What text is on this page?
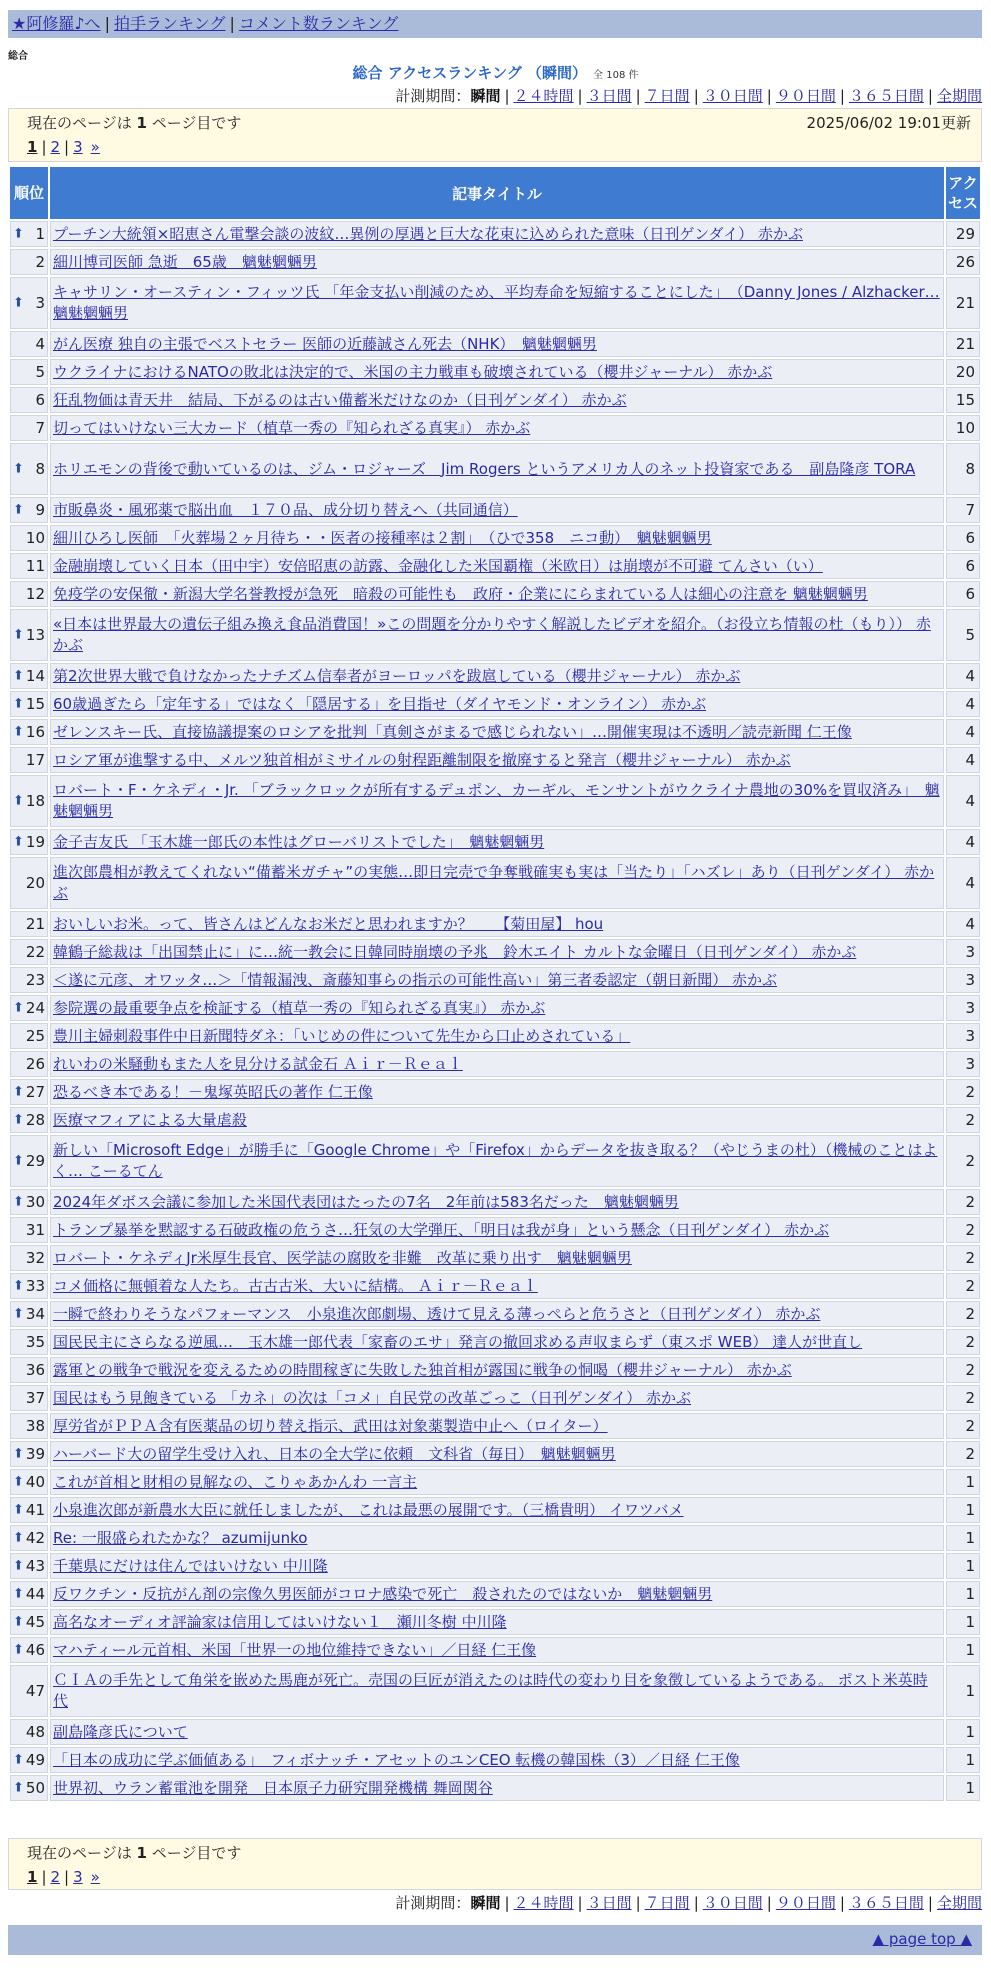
★阿修羅♪へ | 拍手ランキング | コメント数ランキング
総合
総合 アクセスランキング （瞬間） 全 108 件
計測期間：瞬間 | ２４時間 | ３日間 | ７日間 | ３０日間 | ９０日間 | ３６５日間 | 全期間
現在のページは 1 ページ目です	2025/06/02 19:01更新
1 | 2 | 3 »
順位	記事タイトル	アクセス

⬆ 1	プーチン大統領×昭恵さん電撃会談の波紋…異例の厚遇と巨大な花束に込められた意味（日刊ゲンダイ） 赤かぶ	29
2	細川博司医師 急逝　65歳　魑魅魍魎男	26

⬆ 3	キャサリン・オースティン・フィッツ氏 「年金支払い削減のため、平均寿命を短縮することにした」　（Danny Jones / Alzhacker… 魑魅魍魎男	21
4	がん医療 独自の主張でベストセラー 医師の近藤誠さん死去（NHK）　魑魅魍魎男	21
5	ウクライナにおけるNATOの敗北は決定的で、米国の主力戦車も破壊されている（櫻井ジャーナル） 赤かぶ	20
6	狂乱物価は青天井　結局、下がるのは古い備蓄米だけなのか（日刊ゲンダイ） 赤かぶ	15
7	切ってはいけない三大カード（植草一秀の『知られざる真実』） 赤かぶ	10

⬆ 8	ホリエモンの背後で動いているのは、ジム・ロジャーズ　Jim Rogers というアメリカ人のネット投資家である　副島隆彦 TORA	8

⬆ 9	市販鼻炎・風邪薬で脳出血　１７０品、成分切り替えへ（共同通信）	7
10	細川ひろし医師　「火葬場２ヶ月待ち・・医者の接種率は２割」　（ひで358　ニコ動）　魑魅魍魎男	6
11	金融崩壊していく日本（田中宇）安倍昭恵の訪露、金融化した米国覇権（米欧日）は崩壊が不可避 てんさい（い）	6
12	免疫学の安保徹・新潟大学名誉教授が急死　暗殺の可能性も　政府・企業ににらまれている人は細心の注意を 魑魅魍魎男	6

⬆ 13	«日本は世界最大の遺伝子組み換え食品消費国！»この問題を分かりやすく解説したビデオを紹介。（お役立ち情報の杜（もり）） 赤かぶ	5

⬆ 14	第2次世界大戦で負けなかったナチズム信奉者がヨーロッパを跋扈している（櫻井ジャーナル） 赤かぶ	4

⬆ 15	60歳過ぎたら「定年する」ではなく「隠居する」を目指せ（ダイヤモンド・オンライン） 赤かぶ	4

⬆ 16	ゼレンスキー氏、直接協議提案のロシアを批判「真剣さがまるで感じられない」…開催実現は不透明／読売新聞 仁王像	4
17	ロシア軍が進撃する中、メルツ独首相がミサイルの射程距離制限を撤廃すると発言（櫻井ジャーナル） 赤かぶ	4

⬆ 18	ロバート・F・ケネディ・Jr. 「ブラックロックが所有するデュポン、カーギル、モンサントがウクライナ農地の30%を買収済み」　魑魅魍魎男	4

⬆ 19	金子吉友氏 「玉木雄一郎氏の本性はグローバリストでした」　魑魅魍魎男	4
20	進次郎農相が教えてくれない“備蓄米ガチャ”の実態…即日完売で争奪戦確実も実は「当たり」「ハズレ」あり（日刊ゲンダイ） 赤かぶ	4
21	おいしいお米。って、皆さんはどんなお米だと思われますか？　　【菊田屋】 hou	4
22	韓鶴子総裁は「出国禁止に」に…統一教会に日韓同時崩壊の予兆　鈴木エイト カルトな金曜日（日刊ゲンダイ） 赤かぶ	3
23	＜遂に元彦、オワッタ…＞「情報漏洩、斎藤知事らの指示の可能性高い」第三者委認定（朝日新聞） 赤かぶ	3

⬆ 24	参院選の最重要争点を検証する（植草一秀の『知られざる真実』） 赤かぶ	3
25	豊川主婦刺殺事件中日新聞特ダネ：「いじめの件について先生から口止めされている」	3
26	れいわの米騒動もまた人を見分ける試金石 Ａｉｒ－Ｒｅａｌ	3

⬆ 27	恐るべき本である！－鬼塚英昭氏の著作 仁王像	2

⬆ 28	医療マフィアによる大量虐殺	2

⬆ 29	新しい「Microsoft Edge」が勝手に「Google Chrome」や「Firefox」からデータを抜き取る？（やじうまの杜）（機械のことはよく… こーるてん	2

⬆ 30	2024年ダボス会議に参加した米国代表団はたったの7名　2年前は583名だった　魑魅魍魎男	2
31	トランプ暴挙を黙認する石破政権の危うさ…狂気の大学弾圧、「明日は我が身」という懸念（日刊ゲンダイ） 赤かぶ	2
32	ロバート・ケネディJr米厚生長官、医学誌の腐敗を非難　改革に乗り出す　魑魅魍魎男	2

⬆ 33	コメ価格に無頓着な人たち。古古古米、大いに結構。 Ａｉｒ－Ｒｅａｌ	2

⬆ 34	一瞬で終わりそうなパフォーマンス　小泉進次郎劇場、透けて見える薄っぺらと危うさと（日刊ゲンダイ） 赤かぶ	2
35	国民民主にさらなる逆風…　玉木雄一郎代表「家畜のエサ」発言の撤回求める声収まらず（東スポ WEB） 達人が世直し	2
36	露軍との戦争で戦況を変えるための時間稼ぎに失敗した独首相が露国に戦争の恫喝（櫻井ジャーナル） 赤かぶ	2
37	国民はもう見飽きている 「カネ」の次は「コメ」自民党の改革ごっこ（日刊ゲンダイ） 赤かぶ	2
38	厚労省がＰＰＡ含有医薬品の切り替え指示、武田は対象薬製造中止へ（ロイター）	2

⬆ 39	ハーバード大の留学生受け入れ、日本の全大学に依頼　文科省（毎日）　魑魅魍魎男	2

⬆ 40	これが首相と財相の見解なの、こりゃあかんわ 一言主	1

⬆ 41	小泉進次郎が新農水大臣に就任しましたが、 これは最悪の展開です。（三橋貴明） イワツバメ	1

⬆ 42	Re: 一服盛られたかな？ azumijunko	1

⬆ 43	千葉県にだけは住んではいけない 中川隆	1

⬆ 44	反ワクチン・反抗がん剤の宗像久男医師がコロナ感染で死亡　殺されたのではないか　魑魅魍魎男	1

⬆ 45	高名なオーディオ評論家は信用してはいけない１＿瀬川冬樹 中川隆	1

⬆ 46	マハティール元首相、米国「世界一の地位維持できない」／日経 仁王像	1
47	ＣＩＡの手先として角栄を嵌めた馬鹿が死亡。売国の巨匠が消えたのは時代の変わり目を象徴しているようである。 ポスト米英時代	1
48	副島隆彦氏について	1

⬆ 49	「日本の成功に学ぶ価値ある」　フィボナッチ・アセットのユンCEO 転機の韓国株（3）／日経 仁王像	1

⬆ 50	世界初、ウラン蓄電池を開発　日本原子力研究開発機構 舞岡関谷	1
現在のページは 1 ページ目です
1 | 2 | 3 »
計測期間：瞬間 | ２４時間 | ３日間 | ７日間 | ３０日間 | ９０日間 | ３６５日間 | 全期間
▲ page top ▲
